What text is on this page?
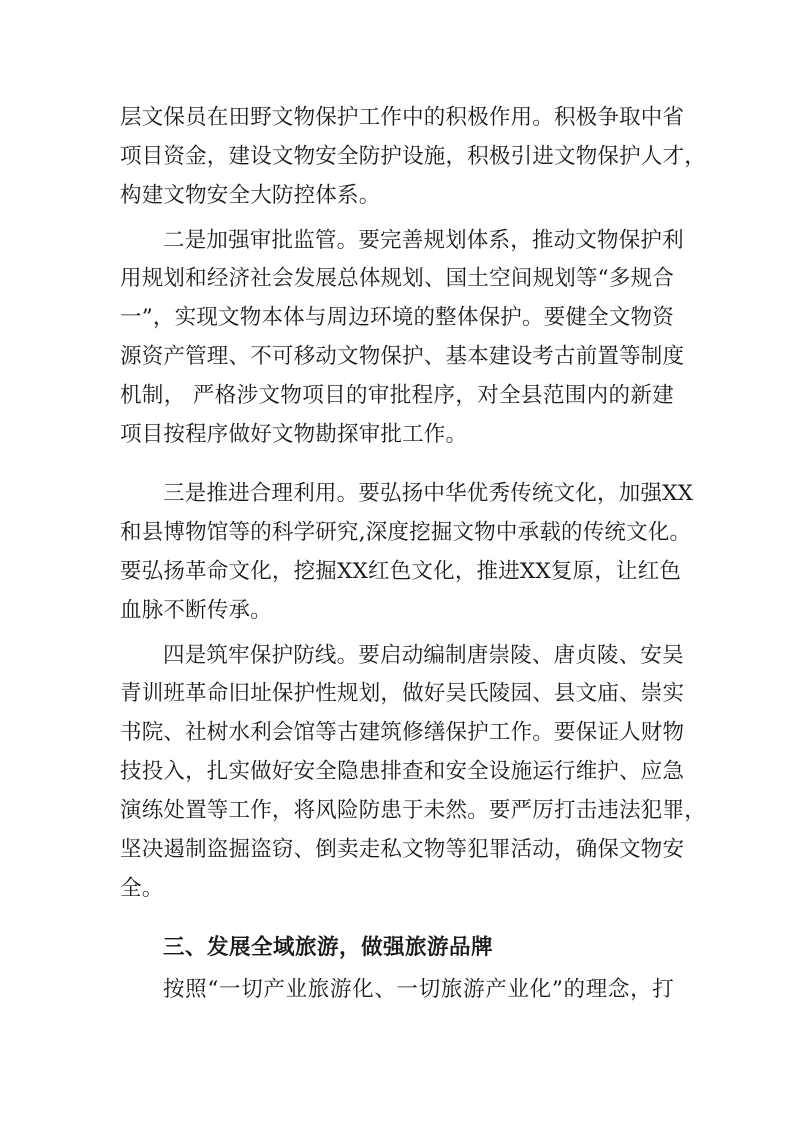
层文保员在田野文物保护工作中的积极作用。积极争取中省
项目资金，建设文物安全防护设施，积极引进文物保护人才，
构建文物安全大防控体系。
二是加强审批监管。要完善规划体系，推动文物保护利
用规划和经济社会发展总体规划、国土空间规划等“多规合
一”，实现文物本体与周边环境的整体保护。要健全文物资
源资产管理、不可移动文物保护、基本建设考古前置等制度
机制， 严格涉文物项目的审批程序，对全县范围内的新建
项目按程序做好文物勘探审批工作。
三是推进合理利用。要弘扬中华优秀传统文化，加强XX
和县博物馆等的科学研究,深度挖掘文物中承载的传统文化。
要弘扬革命文化，挖掘XX红色文化，推进XX复原，让红色
血脉不断传承。
四是筑牢保护防线。要启动编制唐崇陵、唐贞陵、安吴
青训班革命旧址保护性规划，做好吴氏陵园、县文庙、崇实
书院、社树水利会馆等古建筑修缮保护工作。要保证人财物
技投入，扎实做好安全隐患排查和安全设施运行维护、应急
演练处置等工作，将风险防患于未然。要严厉打击违法犯罪，
坚决遏制盗掘盗窃、倒卖走私文物等犯罪活动，确保文物安
全。
三、发展全域旅游，做强旅游品牌
按照“一切产业旅游化、一切旅游产业化”的理念，打
